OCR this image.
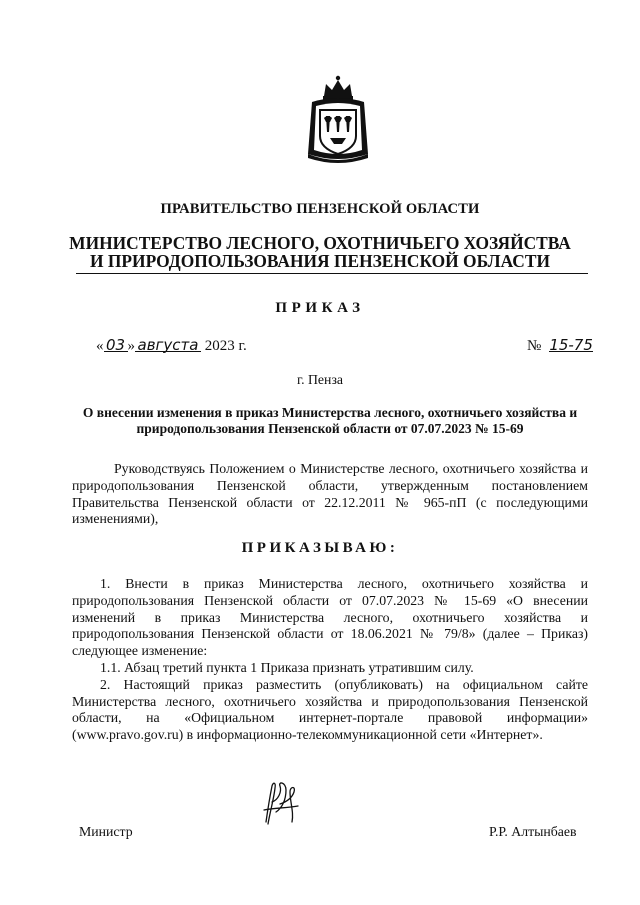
ПРАВИТЕЛЬСТВО ПЕНЗЕНСКОЙ ОБЛАСТИ
МИНИСТЕРСТВО ЛЕСНОГО, ОХОТНИЧЬЕГО ХОЗЯЙСТВА
И ПРИРОДОПОЛЬЗОВАНИЯ ПЕНЗЕНСКОЙ ОБЛАСТИ
ПРИКАЗ
« 03 » августа 2023 г.	№ 15-75
г. Пенза
О внесении изменения в приказ Министерства лесного, охотничьего хозяйства и природопользования Пензенской области от 07.07.2023 № 15-69
Руководствуясь Положением о Министерстве лесного, охотничьего хозяйства и природопользования Пензенской области, утвержденным постановлением Правительства Пензенской области от 22.12.2011 № 965-пП (с последующими изменениями),
ПРИКАЗЫВАЮ:

1. Внести в приказ Министерства лесного, охотничьего хозяйства и природопользования Пензенской области от 07.07.2023 № 15-69 «О внесении изменений в приказ Министерства лесного, охотничьего хозяйства и природопользования Пензенской области от 18.06.2021 № 79/8» (далее – Приказ) следующее изменение:

1.1. Абзац третий пункта 1 Приказа признать утратившим силу.

2. Настоящий приказ разместить (опубликовать) на официальном сайте Министерства лесного, охотничьего хозяйства и природопользования Пензенской области, на «Официальном интернет-портале правовой информации» (www.pravo.gov.ru) в информационно-телекоммуникационной сети «Интернет».

Министр	Р.Р. Алтынбаев
